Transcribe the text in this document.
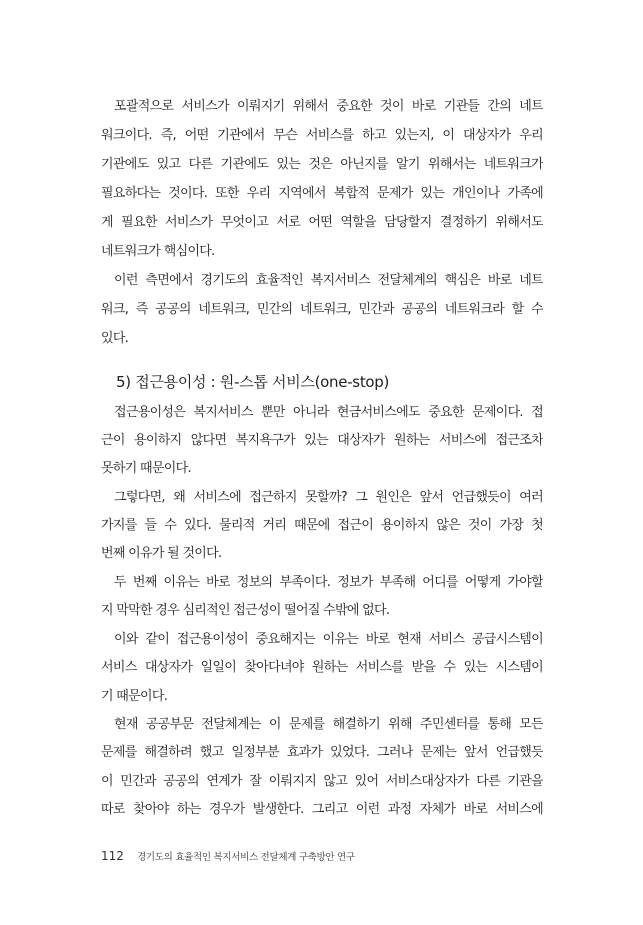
포괄적으로 서비스가 이뤄지기 위해서 중요한 것이 바로 기관들 간의 네트
워크이다. 즉, 어떤 기관에서 무슨 서비스를 하고 있는지, 이 대상자가 우리
기관에도 있고 다른 기관에도 있는 것은 아닌지를 알기 위해서는 네트워크가
필요하다는 것이다. 또한 우리 지역에서 복합적 문제가 있는 개인이나 가족에
게 필요한 서비스가 무엇이고 서로 어떤 역할을 담당할지 결정하기 위해서도
네트워크가 핵심이다.
이런 측면에서 경기도의 효율적인 복지서비스 전달체계의 핵심은 바로 네트
워크, 즉 공공의 네트워크, 민간의 네트워크, 민간과 공공의 네트워크라 할 수
있다.
5) 접근용이성 : 원-스톱 서비스(one-stop)
접근용이성은 복지서비스 뿐만 아니라 현금서비스에도 중요한 문제이다. 접
근이 용이하지 않다면 복지욕구가 있는 대상자가 원하는 서비스에 접근조차
못하기 때문이다.
그렇다면, 왜 서비스에 접근하지 못할까? 그 원인은 앞서 언급했듯이 여러
가지를 들 수 있다. 물리적 거리 때문에 접근이 용이하지 않은 것이 가장 첫
번째 이유가 될 것이다.
두 번째 이유는 바로 정보의 부족이다. 정보가 부족해 어디를 어떻게 가야할
지 막막한 경우 심리적인 접근성이 떨어질 수밖에 없다.
이와 같이 접근용이성이 중요해지는 이유는 바로 현재 서비스 공급시스템이
서비스 대상자가 일일이 찾아다녀야 원하는 서비스를 받을 수 있는 시스템이
기 때문이다.
현재 공공부문 전달체계는 이 문제를 해결하기 위해 주민센터를 통해 모든
문제를 해결하려 했고 일정부분 효과가 있었다. 그러나 문제는 앞서 언급했듯
이 민간과 공공의 연계가 잘 이뤄지지 않고 있어 서비스대상자가 다른 기관을
따로 찾아야 하는 경우가 발생한다. 그리고 이런 과정 자체가 바로 서비스에
112 경기도의 효율적인 복지서비스 전달체계 구축방안 연구
